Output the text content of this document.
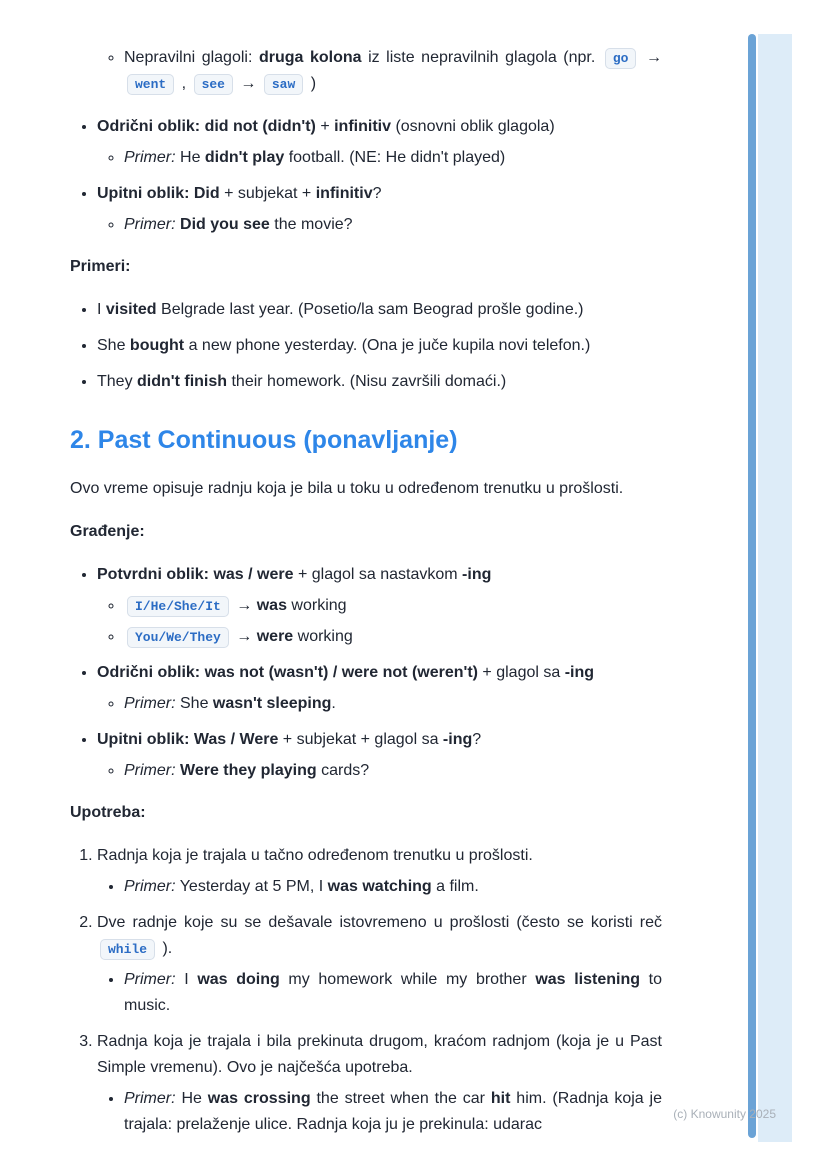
◦ Nepravilni glagoli: druga kolona iz liste nepravilnih glagola (npr. go → went , see → saw )
• Odrični oblik: did not (didn't) + infinitiv (osnovni oblik glagola)
◦ Primer: He didn't play football. (NE: He didn't played)
• Upitni oblik: Did + subjekat + infinitiv?
◦ Primer: Did you see the movie?

Primeri:

• I visited Belgrade last year. (Posetio/la sam Beograd prošle godine.)
• She bought a new phone yesterday. (Ona je juče kupila novi telefon.)
• They didn't finish their homework. (Nisu završili domaći.)
2. Past Continuous (ponavljanje)

Ovo vreme opisuje radnju koja je bila u toku u određenom trenutku u prošlosti.

Građenje:

• Potvrdni oblik: was / were + glagol sa nastavkom -ing
◦ I/He/She/It → was working
◦ You/We/They → were working
• Odrični oblik: was not (wasn't) / were not (weren't) + glagol sa -ing
◦ Primer: She wasn't sleeping.
• Upitni oblik: Was / Were + subjekat + glagol sa -ing?
◦ Primer: Were they playing cards?

Upotreba:

1. Radnja koja je trajala u tačno određenom trenutku u prošlosti.
• Primer: Yesterday at 5 PM, I was watching a film.
2. Dve radnje koje su se dešavale istovremeno u prošlosti (često se koristi reč while ).
• Primer: I was doing my homework while my brother was listening to music.
3. Radnja koja je trajala i bila prekinuta drugom, kraćom radnjom (koja je u Past Simple vremenu). Ovo je najčešća upotreba.
• Primer: He was crossing the street when the car hit him. (Radnja koja je trajala: prelaženje ulice. Radnja koja ju je prekinula: udarac
(c) Knowunity 2025
